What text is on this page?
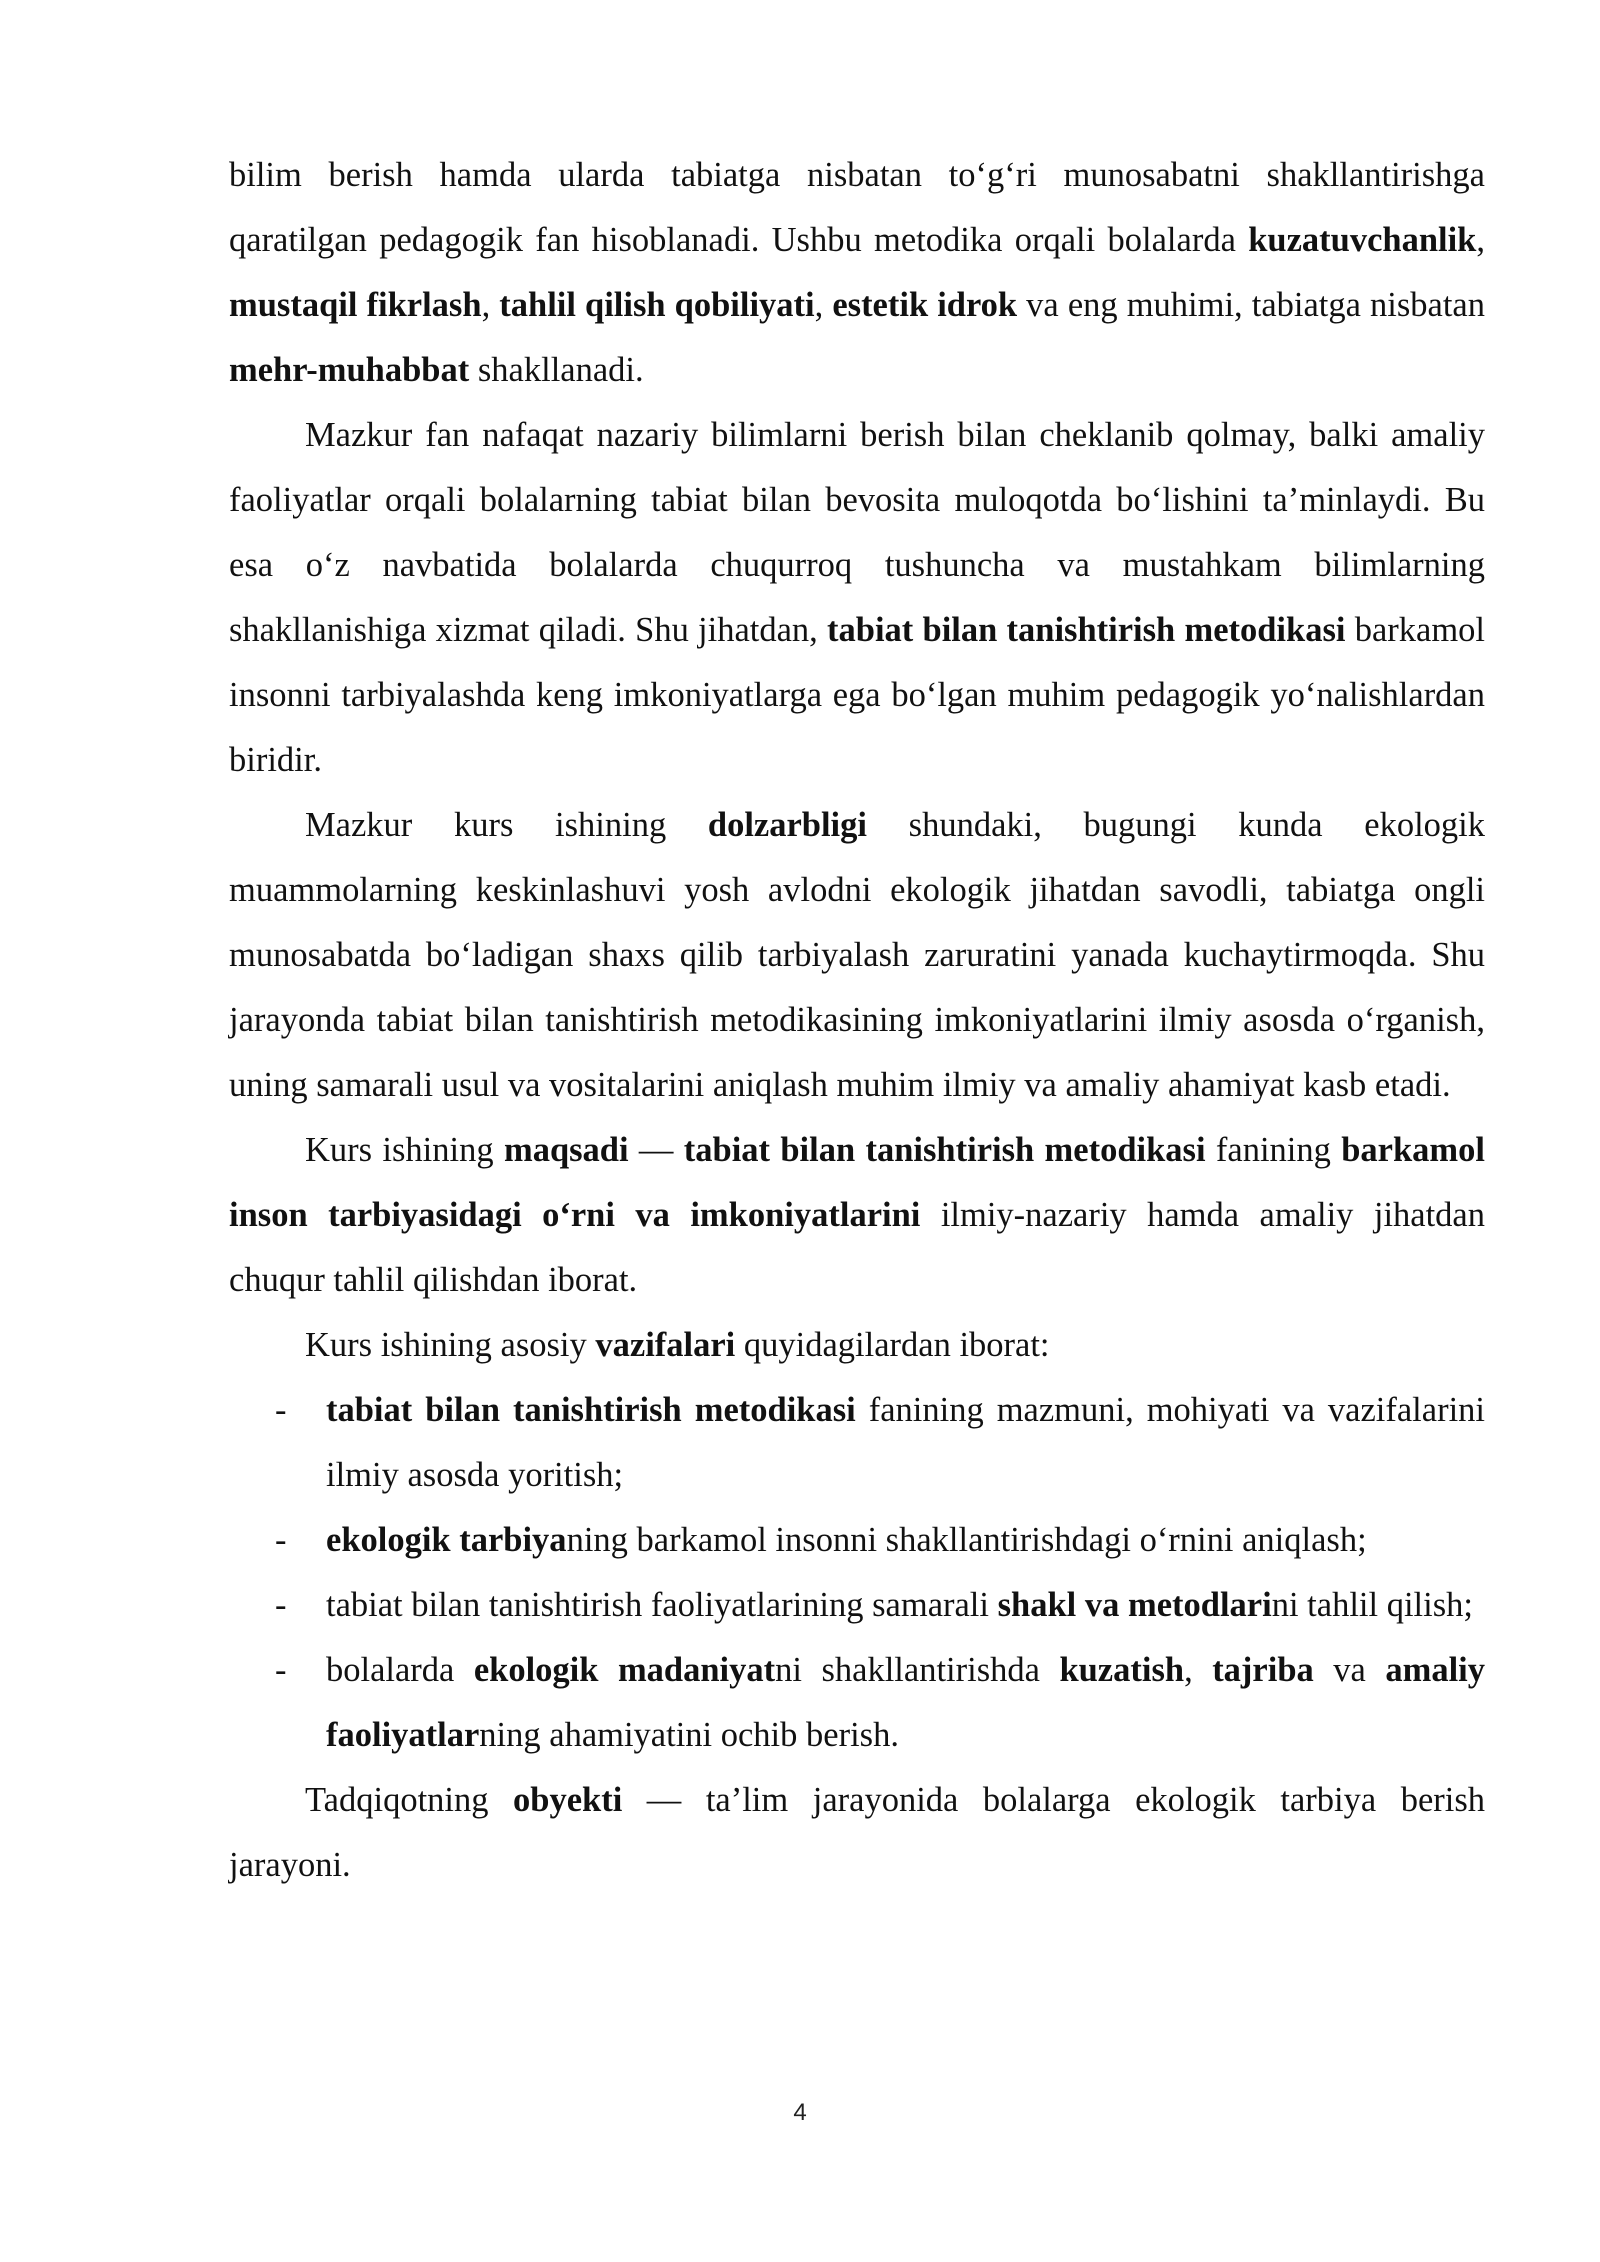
bilim berish hamda ularda tabiatga nisbatan to‘g‘ri munosabatni shakllantirishga qaratilgan pedagogik fan hisoblanadi. Ushbu metodika orqali bolalarda kuzatuvchanlik, mustaqil fikrlash, tahlil qilish qobiliyati, estetik idrok va eng muhimi, tabiatga nisbatan mehr-muhabbat shakllanadi.

Mazkur fan nafaqat nazariy bilimlarni berish bilan cheklanib qolmay, balki amaliy faoliyatlar orqali bolalarning tabiat bilan bevosita muloqotda bo‘lishini ta’minlaydi. Bu esa o‘z navbatida bolalarda chuqurroq tushuncha va mustahkam bilimlarning shakllanishiga xizmat qiladi. Shu jihatdan, tabiat bilan tanishtirish metodikasi barkamol insonni tarbiyalashda keng imkoniyatlarga ega bo‘lgan muhim pedagogik yo‘nalishlardan biridir.

Mazkur kurs ishining dolzarbligi shundaki, bugungi kunda ekologik muammolarning keskinlashuvi yosh avlodni ekologik jihatdan savodli, tabiatga ongli munosabatda bo‘ladigan shaxs qilib tarbiyalash zaruratini yanada kuchaytirmoqda. Shu jarayonda tabiat bilan tanishtirish metodikasining imkoniyatlarini ilmiy asosda o‘rganish, uning samarali usul va vositalarini aniqlash muhim ilmiy va amaliy ahamiyat kasb etadi.

Kurs ishining maqsadi — tabiat bilan tanishtirish metodikasi fanining barkamol inson tarbiyasidagi o‘rni va imkoniyatlarini ilmiy-nazariy hamda amaliy jihatdan chuqur tahlil qilishdan iborat.

Kurs ishining asosiy vazifalari quyidagilardan iborat:

- tabiat bilan tanishtirish metodikasi fanining mazmuni, mohiyati va vazifalarini ilmiy asosda yoritish;
- ekologik tarbiyaning barkamol insonni shakllantirishdagi o‘rnini aniqlash;
- tabiat bilan tanishtirish faoliyatlarining samarali shakl va metodlarini tahlil qilish;
- bolalarda ekologik madaniyatni shakllantirishda kuzatish, tajriba va amaliy faoliyatlarning ahamiyatini ochib berish.

Tadqiqotning obyekti — ta’lim jarayonida bolalarga ekologik tarbiya berish jarayoni.

4
